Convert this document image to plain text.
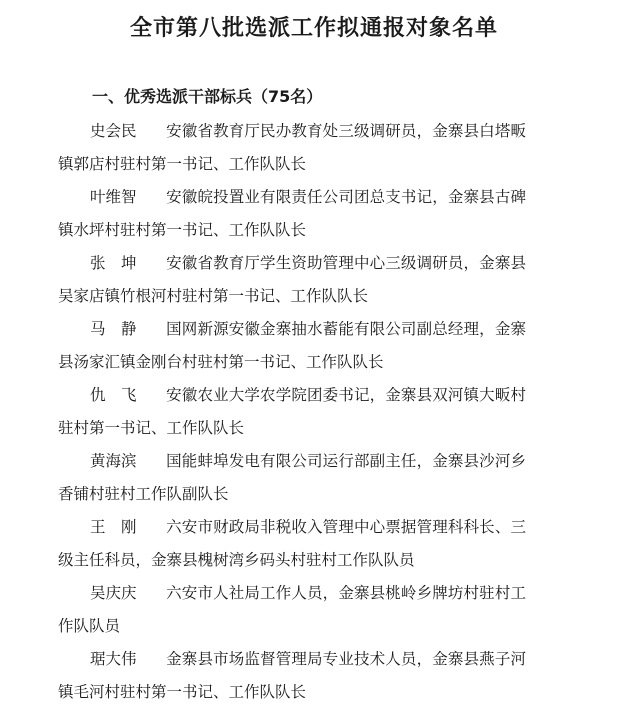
全市第八批选派工作拟通报对象名单
一、优秀选派干部标兵（75名）

史会民 安徽省教育厅民办教育处三级调研员，金寨县白塔畈镇郭店村驻村第一书记、工作队队长

叶维智 安徽皖投置业有限责任公司团总支书记，金寨县古碑镇水坪村驻村第一书记、工作队队长

张　坤 安徽省教育厅学生资助管理中心三级调研员，金寨县吴家店镇竹根河村驻村第一书记、工作队队长

马　静 国网新源安徽金寨抽水蓄能有限公司副总经理，金寨县汤家汇镇金刚台村驻村第一书记、工作队队长

仇　飞 安徽农业大学农学院团委书记，金寨县双河镇大畈村驻村第一书记、工作队队长

黄海滨 国能蚌埠发电有限公司运行部副主任，金寨县沙河乡香铺村驻村工作队副队长

王　刚 六安市财政局非税收入管理中心票据管理科科长、三级主任科员，金寨县槐树湾乡码头村驻村工作队队员

吴庆庆 六安市人社局工作人员，金寨县桃岭乡牌坊村驻村工作队队员

琚大伟 金寨县市场监督管理局专业技术人员，金寨县燕子河镇毛河村驻村第一书记、工作队队长
